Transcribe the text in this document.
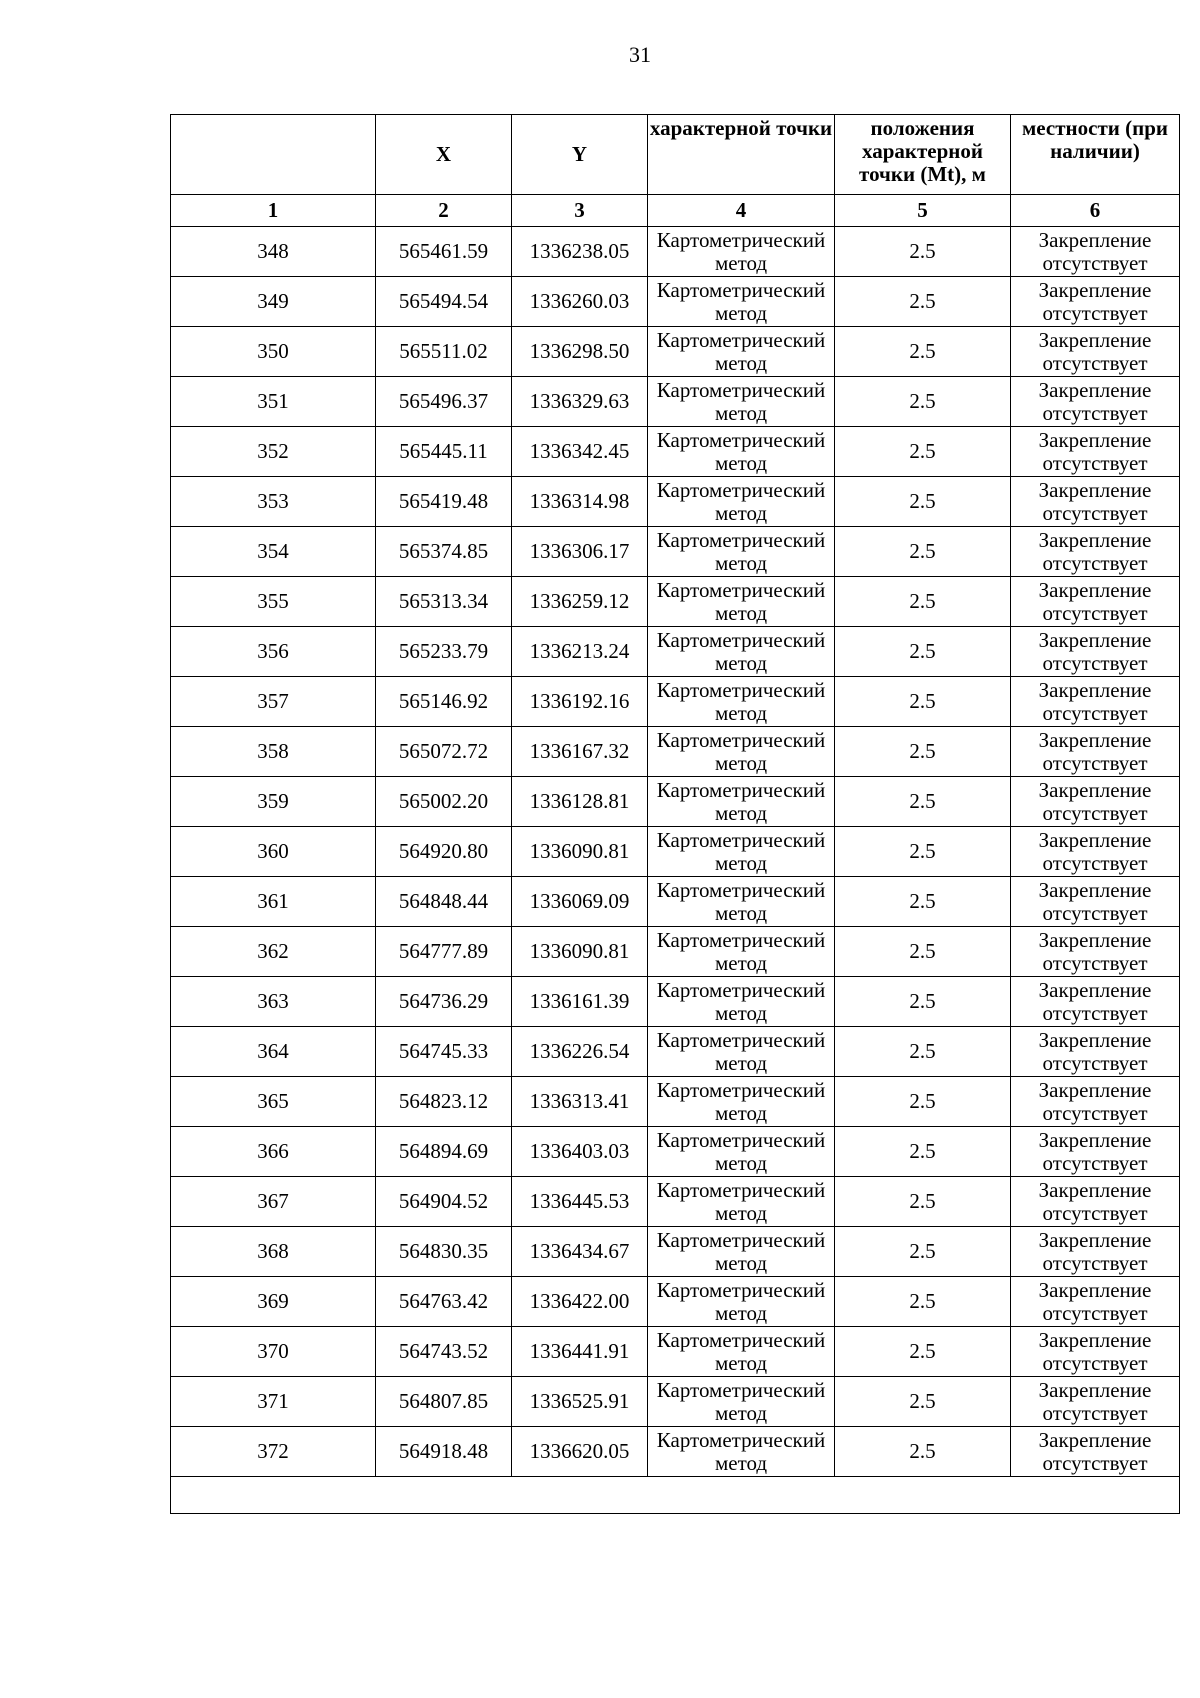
31
	X	Y	характерной точки	положения характерной точки (Mt), м	местности (при наличии)
1	2	3	4	5	6
348	565461.59	1336238.05	Картометрический метод	2.5	Закрепление отсутствует
349	565494.54	1336260.03	Картометрический метод	2.5	Закрепление отсутствует
350	565511.02	1336298.50	Картометрический метод	2.5	Закрепление отсутствует
351	565496.37	1336329.63	Картометрический метод	2.5	Закрепление отсутствует
352	565445.11	1336342.45	Картометрический метод	2.5	Закрепление отсутствует
353	565419.48	1336314.98	Картометрический метод	2.5	Закрепление отсутствует
354	565374.85	1336306.17	Картометрический метод	2.5	Закрепление отсутствует
355	565313.34	1336259.12	Картометрический метод	2.5	Закрепление отсутствует
356	565233.79	1336213.24	Картометрический метод	2.5	Закрепление отсутствует
357	565146.92	1336192.16	Картометрический метод	2.5	Закрепление отсутствует
358	565072.72	1336167.32	Картометрический метод	2.5	Закрепление отсутствует
359	565002.20	1336128.81	Картометрический метод	2.5	Закрепление отсутствует
360	564920.80	1336090.81	Картометрический метод	2.5	Закрепление отсутствует
361	564848.44	1336069.09	Картометрический метод	2.5	Закрепление отсутствует
362	564777.89	1336090.81	Картометрический метод	2.5	Закрепление отсутствует
363	564736.29	1336161.39	Картометрический метод	2.5	Закрепление отсутствует
364	564745.33	1336226.54	Картометрический метод	2.5	Закрепление отсутствует
365	564823.12	1336313.41	Картометрический метод	2.5	Закрепление отсутствует
366	564894.69	1336403.03	Картометрический метод	2.5	Закрепление отсутствует
367	564904.52	1336445.53	Картометрический метод	2.5	Закрепление отсутствует
368	564830.35	1336434.67	Картометрический метод	2.5	Закрепление отсутствует
369	564763.42	1336422.00	Картометрический метод	2.5	Закрепление отсутствует
370	564743.52	1336441.91	Картометрический метод	2.5	Закрепление отсутствует
371	564807.85	1336525.91	Картометрический метод	2.5	Закрепление отсутствует
372	564918.48	1336620.05	Картометрический метод	2.5	Закрепление отсутствует
